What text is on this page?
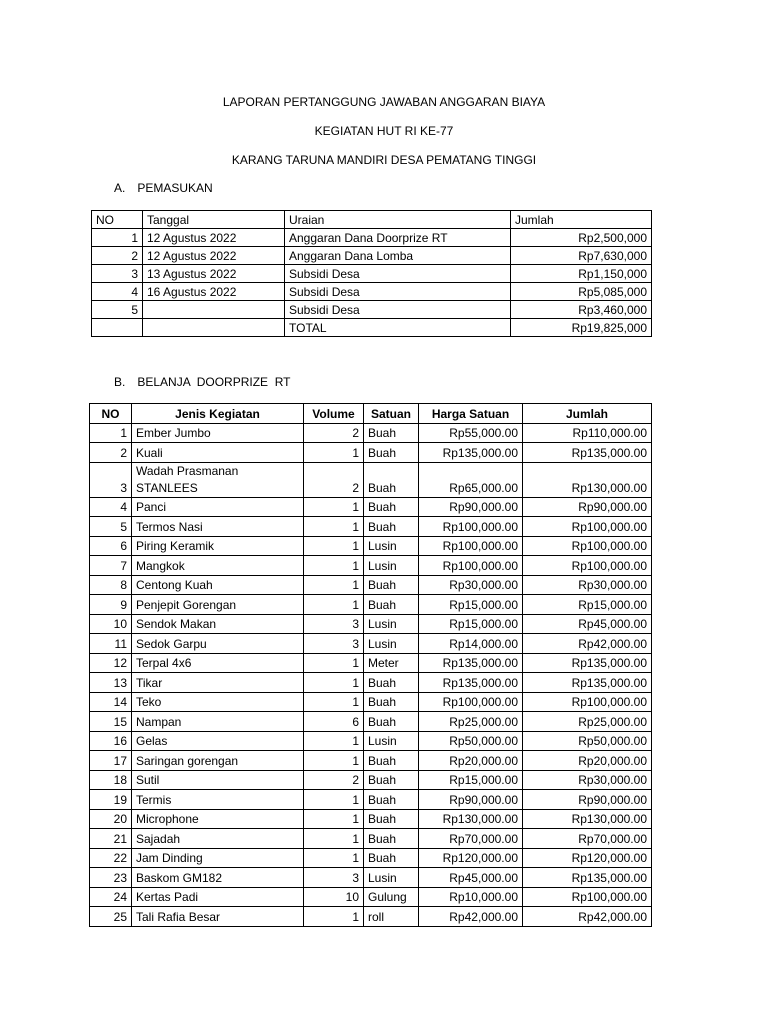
LAPORAN PERTANGGUNG JAWABAN ANGGARAN BIAYA
KEGIATAN HUT RI KE-77
KARANG TARUNA MANDIRI DESA PEMATANG TINGGI
A. PEMASUKAN
NO	Tanggal	Uraian	Jumlah
1	12 Agustus 2022	Anggaran Dana Doorprize RT	Rp2,500,000
2	12 Agustus 2022	Anggaran Dana Lomba	Rp7,630,000
3	13 Agustus 2022	Subsidi Desa	Rp1,150,000
4	16 Agustus 2022	Subsidi Desa	Rp5,085,000
5		Subsidi Desa	Rp3,460,000
		TOTAL	Rp19,825,000
B. BELANJA  DOORPRIZE  RT
NO	Jenis Kegiatan	Volume	Satuan	Harga Satuan	Jumlah
1	Ember Jumbo	2	Buah	Rp55,000.00	Rp110,000.00
2	Kuali	1	Buah	Rp135,000.00	Rp135,000.00
3	Wadah Prasmanan
STANLEES	2	Buah	Rp65,000.00	Rp130,000.00
4	Panci	1	Buah	Rp90,000.00	Rp90,000.00
5	Termos Nasi	1	Buah	Rp100,000.00	Rp100,000.00
6	Piring Keramik	1	Lusin	Rp100,000.00	Rp100,000.00
7	Mangkok	1	Lusin	Rp100,000.00	Rp100,000.00
8	Centong Kuah	1	Buah	Rp30,000.00	Rp30,000.00
9	Penjepit Gorengan	1	Buah	Rp15,000.00	Rp15,000.00
10	Sendok Makan	3	Lusin	Rp15,000.00	Rp45,000.00
11	Sedok Garpu	3	Lusin	Rp14,000.00	Rp42,000.00
12	Terpal 4x6	1	Meter	Rp135,000.00	Rp135,000.00
13	Tikar	1	Buah	Rp135,000.00	Rp135,000.00
14	Teko	1	Buah	Rp100,000.00	Rp100,000.00
15	Nampan	6	Buah	Rp25,000.00	Rp25,000.00
16	Gelas	1	Lusin	Rp50,000.00	Rp50,000.00
17	Saringan gorengan	1	Buah	Rp20,000.00	Rp20,000.00
18	Sutil	2	Buah	Rp15,000.00	Rp30,000.00
19	Termis	1	Buah	Rp90,000.00	Rp90,000.00
20	Microphone	1	Buah	Rp130,000.00	Rp130,000.00
21	Sajadah	1	Buah	Rp70,000.00	Rp70,000.00
22	Jam Dinding	1	Buah	Rp120,000.00	Rp120,000.00
23	Baskom GM182	3	Lusin	Rp45,000.00	Rp135,000.00
24	Kertas Padi	10	Gulung	Rp10,000.00	Rp100,000.00
25	Tali Rafia Besar	1	roll	Rp42,000.00	Rp42,000.00
